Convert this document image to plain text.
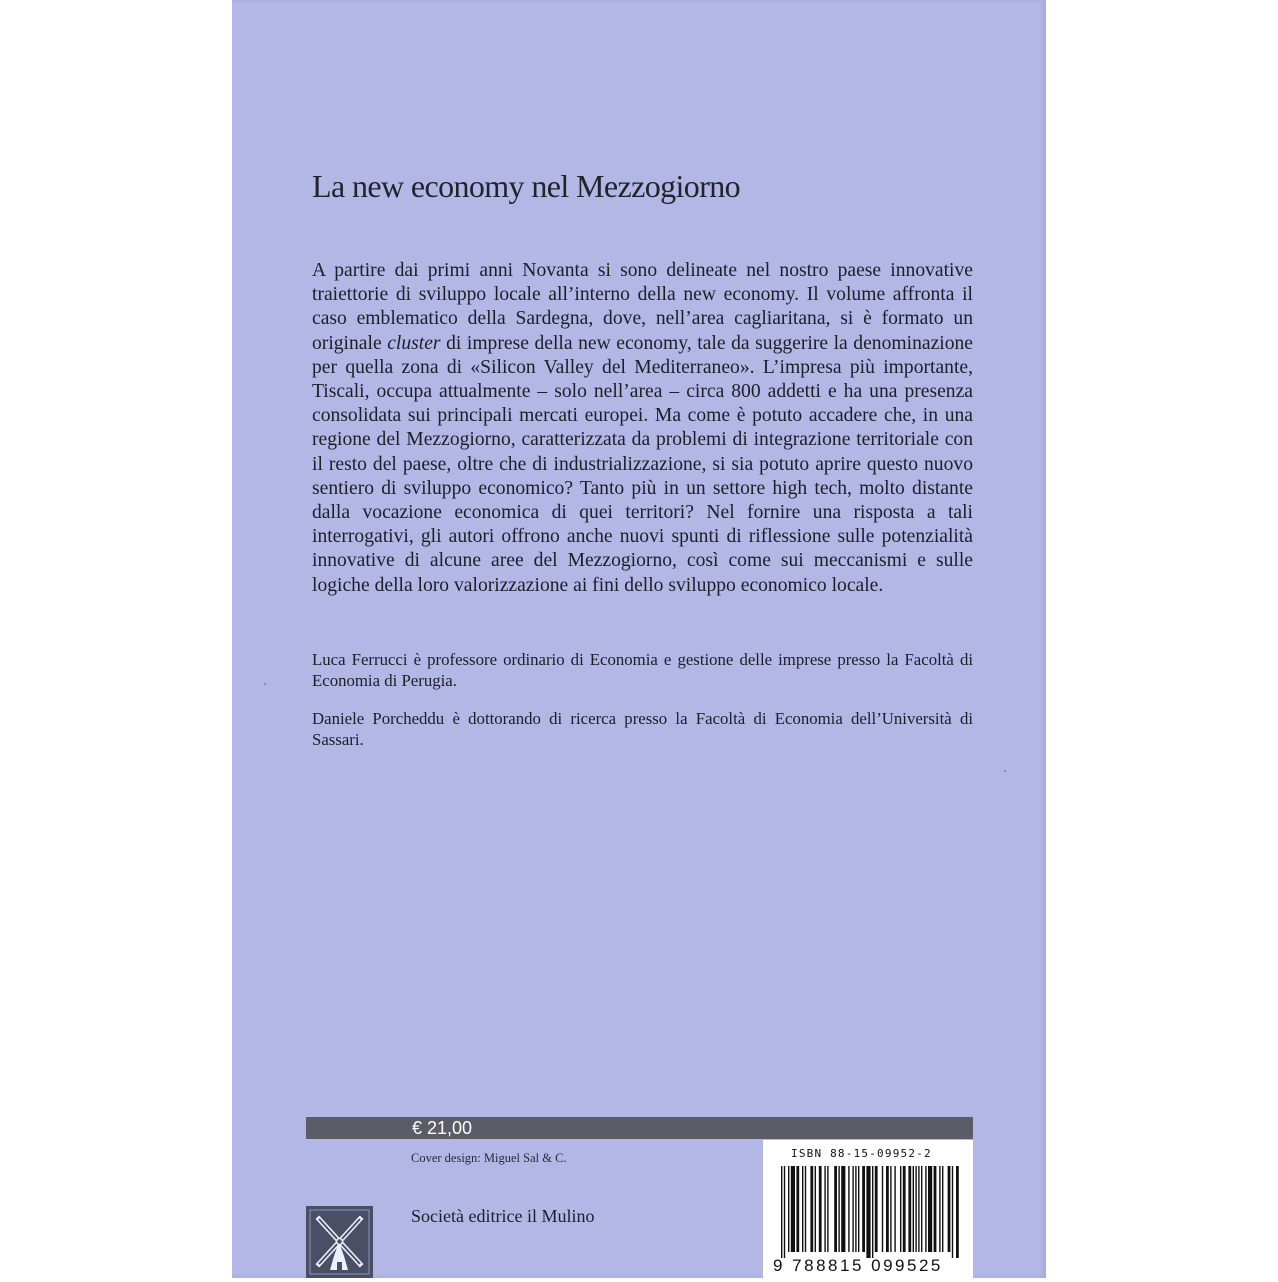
La new economy nel Mezzogiorno
A partire dai primi anni Novanta si sono delineate nel nostro paese innovative traiettorie di sviluppo locale all’interno della new economy. Il volume affronta il caso emblematico della Sardegna, dove, nell’area cagliaritana, si è formato un originale cluster di imprese della new economy, tale da suggerire la denominazione per quella zona di «Silicon Valley del Mediterraneo». L’impresa più importante, Tiscali, occupa attualmente – solo nell’area – circa 800 addetti e ha una presenza consolidata sui principali mercati europei. Ma come è potuto accadere che, in una regione del Mezzogiorno, caratterizzata da problemi di integrazione territoriale con il resto del paese, oltre che di industrializzazione, si sia potuto aprire questo nuovo sentiero di sviluppo economico? Tanto più in un settore high tech, molto distante dalla vocazione economica di quei territori? Nel fornire una risposta a tali interrogativi, gli autori offrono anche nuovi spunti di riflessione sulle potenzialità innovative di alcune aree del Mezzogiorno, così come sui meccanismi e sulle logiche della loro valorizzazione ai fini dello sviluppo economico locale.
Luca Ferrucci è professore ordinario di Economia e gestione delle imprese presso la Facoltà di Economia di Perugia.
Daniele Porcheddu è dottorando di ricerca presso la Facoltà di Economia dell’Università di Sassari.
€ 21,00
Cover design: Miguel Sal & C.
Società editrice il Mulino
ISBN 88-15-09952-2
9 788815 099525
